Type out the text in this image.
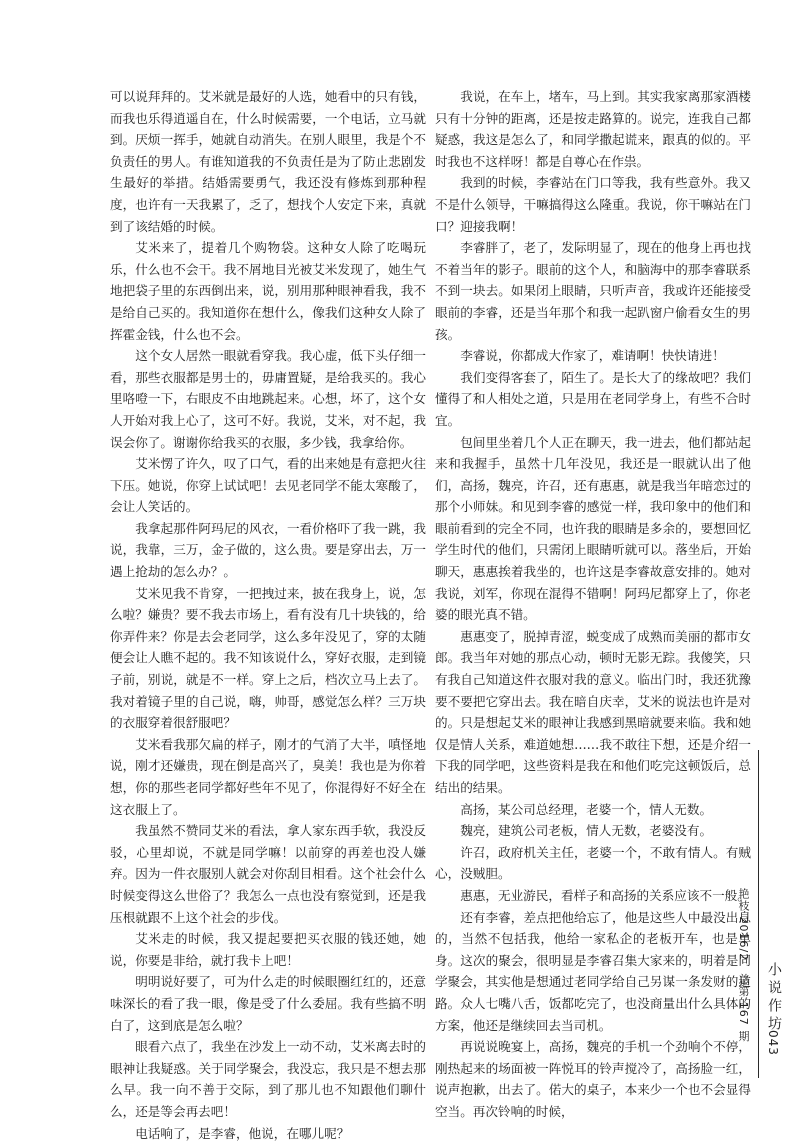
可以说拜拜的。艾米就是最好的人选，她看中的只有钱，而我也乐得逍遥自在，什么时候需要，一个电话，立马就到。厌烦一挥手，她就自动消失。在别人眼里，我是个不负责任的男人。有谁知道我的不负责任是为了防止悲剧发生最好的举措。结婚需要勇气，我还没有修炼到那种程度，也许有一天我累了，乏了，想找个人安定下来，真就到了该结婚的时候。

艾米来了，提着几个购物袋。这种女人除了吃喝玩乐，什么也不会干。我不屑地目光被艾米发现了，她生气地把袋子里的东西倒出来，说，别用那种眼神看我，我不是给自己买的。我知道你在想什么，像我们这种女人除了挥霍金钱，什么也不会。

这个女人居然一眼就看穿我。我心虚，低下头仔细一看，那些衣服都是男士的，毋庸置疑，是给我买的。我心里咯噔一下，右眼皮不由地跳起来。心想，坏了，这个女人开始对我上心了，这可不好。我说，艾米，对不起，我误会你了。谢谢你给我买的衣服，多少钱，我拿给你。

艾米愣了许久，叹了口气，看的出来她是有意把火往下压。她说，你穿上试试吧！去见老同学不能太寒酸了，会让人笑话的。

我拿起那件阿玛尼的风衣，一看价格吓了我一跳，我说，我靠，三万，金子做的，这么贵。要是穿出去，万一遇上抢劫的怎么办？。

艾米见我不肯穿，一把拽过来，披在我身上，说，怎么啦？嫌贵？要不我去市场上，看有没有几十块钱的，给你弄件来？你是去会老同学，这么多年没见了，穿的太随便会让人瞧不起的。我不知该说什么，穿好衣服，走到镜子前，别说，就是不一样。穿上之后，档次立马上去了。我对着镜子里的自己说，嗨，帅哥，感觉怎么样？三万块的衣服穿着很舒服吧？

艾米看我那欠扁的样子，刚才的气消了大半，嗔怪地说，刚才还嫌贵，现在倒是高兴了，臭美！我也是为你着想，你的那些老同学都好些年不见了，你混得好不好全在这衣服上了。

我虽然不赞同艾米的看法，拿人家东西手软，我没反驳，心里却说，不就是同学嘛！以前穿的再差也没人嫌弃。因为一件衣服别人就会对你刮目相看。这个社会什么时候变得这么世俗了？我怎么一点也没有察觉到，还是我压根就跟不上这个社会的步伐。

艾米走的时候，我又提起要把买衣服的钱还她，她说，你要是非给，就打我卡上吧！

明明说好要了，可为什么走的时候眼圈红红的，还意味深长的看了我一眼，像是受了什么委屈。我有些搞不明白了，这到底是怎么啦？

眼看六点了，我坐在沙发上一动不动，艾米离去时的眼神让我疑惑。关于同学聚会，我没忘，我只是不想去那么早。我一向不善于交际，到了那儿也不知跟他们聊什么，还是等会再去吧！

电话响了，是李睿，他说，在哪儿呢？

我说，在车上，堵车，马上到。其实我家离那家酒楼只有十分钟的距离，还是按走路算的。说完，连我自己都疑惑，我这是怎么了，和同学撒起谎来，跟真的似的。平时我也不这样呀！都是自尊心在作祟。

我到的时候，李睿站在门口等我，我有些意外。我又不是什么领导，干嘛搞得这么隆重。我说，你干嘛站在门口？迎接我啊！

李睿胖了，老了，发际明显了，现在的他身上再也找不着当年的影子。眼前的这个人，和脑海中的那李睿联系不到一块去。如果闭上眼睛，只听声音，我或许还能接受眼前的李睿，还是当年那个和我一起趴窗户偷看女生的男孩。

李睿说，你都成大作家了，难请啊！快快请进！

我们变得客套了，陌生了。是长大了的缘故吧？我们懂得了和人相处之道，只是用在老同学身上，有些不合时宜。

包间里坐着几个人正在聊天，我一进去，他们都站起来和我握手，虽然十几年没见，我还是一眼就认出了他们，高扬，魏亮，许召，还有惠惠，就是我当年暗恋过的那个小师妹。和见到李睿的感觉一样，我印象中的他们和眼前看到的完全不同，也许我的眼睛是多余的，要想回忆学生时代的他们，只需闭上眼睛听就可以。落坐后，开始聊天，惠惠挨着我坐的，也许这是李睿故意安排的。她对我说，刘军，你现在混得不错啊！阿玛尼都穿上了，你老婆的眼光真不错。

惠惠变了，脱掉青涩，蜕变成了成熟而美丽的都市女郎。我当年对她的那点心动，顿时无影无踪。我傻笑，只有我自己知道这件衣服对我的意义。临出门时，我还犹豫要不要把它穿出去。我在暗自庆幸，艾米的说法也许是对的。只是想起艾米的眼神让我感到黑暗就要来临。我和她仅是情人关系，难道她想……我不敢往下想，还是介绍一下我的同学吧，这些资料是我在和他们吃完这顿饭后，总结出的结果。

高扬，某公司总经理，老婆一个，情人无数。

魏亮，建筑公司老板，情人无数，老婆没有。

许召，政府机关主任，老婆一个，不敢有情人。有贼心，没贼胆。

惠惠，无业游民，看样子和高扬的关系应该不一般。

还有李睿，差点把他给忘了，他是这些人中最没出息的，当然不包括我，他给一家私企的老板开车，也是单身。这次的聚会，很明显是李睿召集大家来的，明着是同学聚会，其实他是想通过老同学给自己另谋一条发财的道路。众人七嘴八舌，饭都吃完了，也没商量出什么具体的方案，他还是继续回去当司机。

再说说晚宴上，高扬，魏亮的手机一个劲响个不停，刚热起来的场面被一阵悦耳的铃声搅冷了，高扬脸一红，说声抱歉，出去了。偌大的桌子，本来少一个也不会显得空当。再次铃响的时候，

艳枝 2016/2　总第 167 期 小说作坊
043
